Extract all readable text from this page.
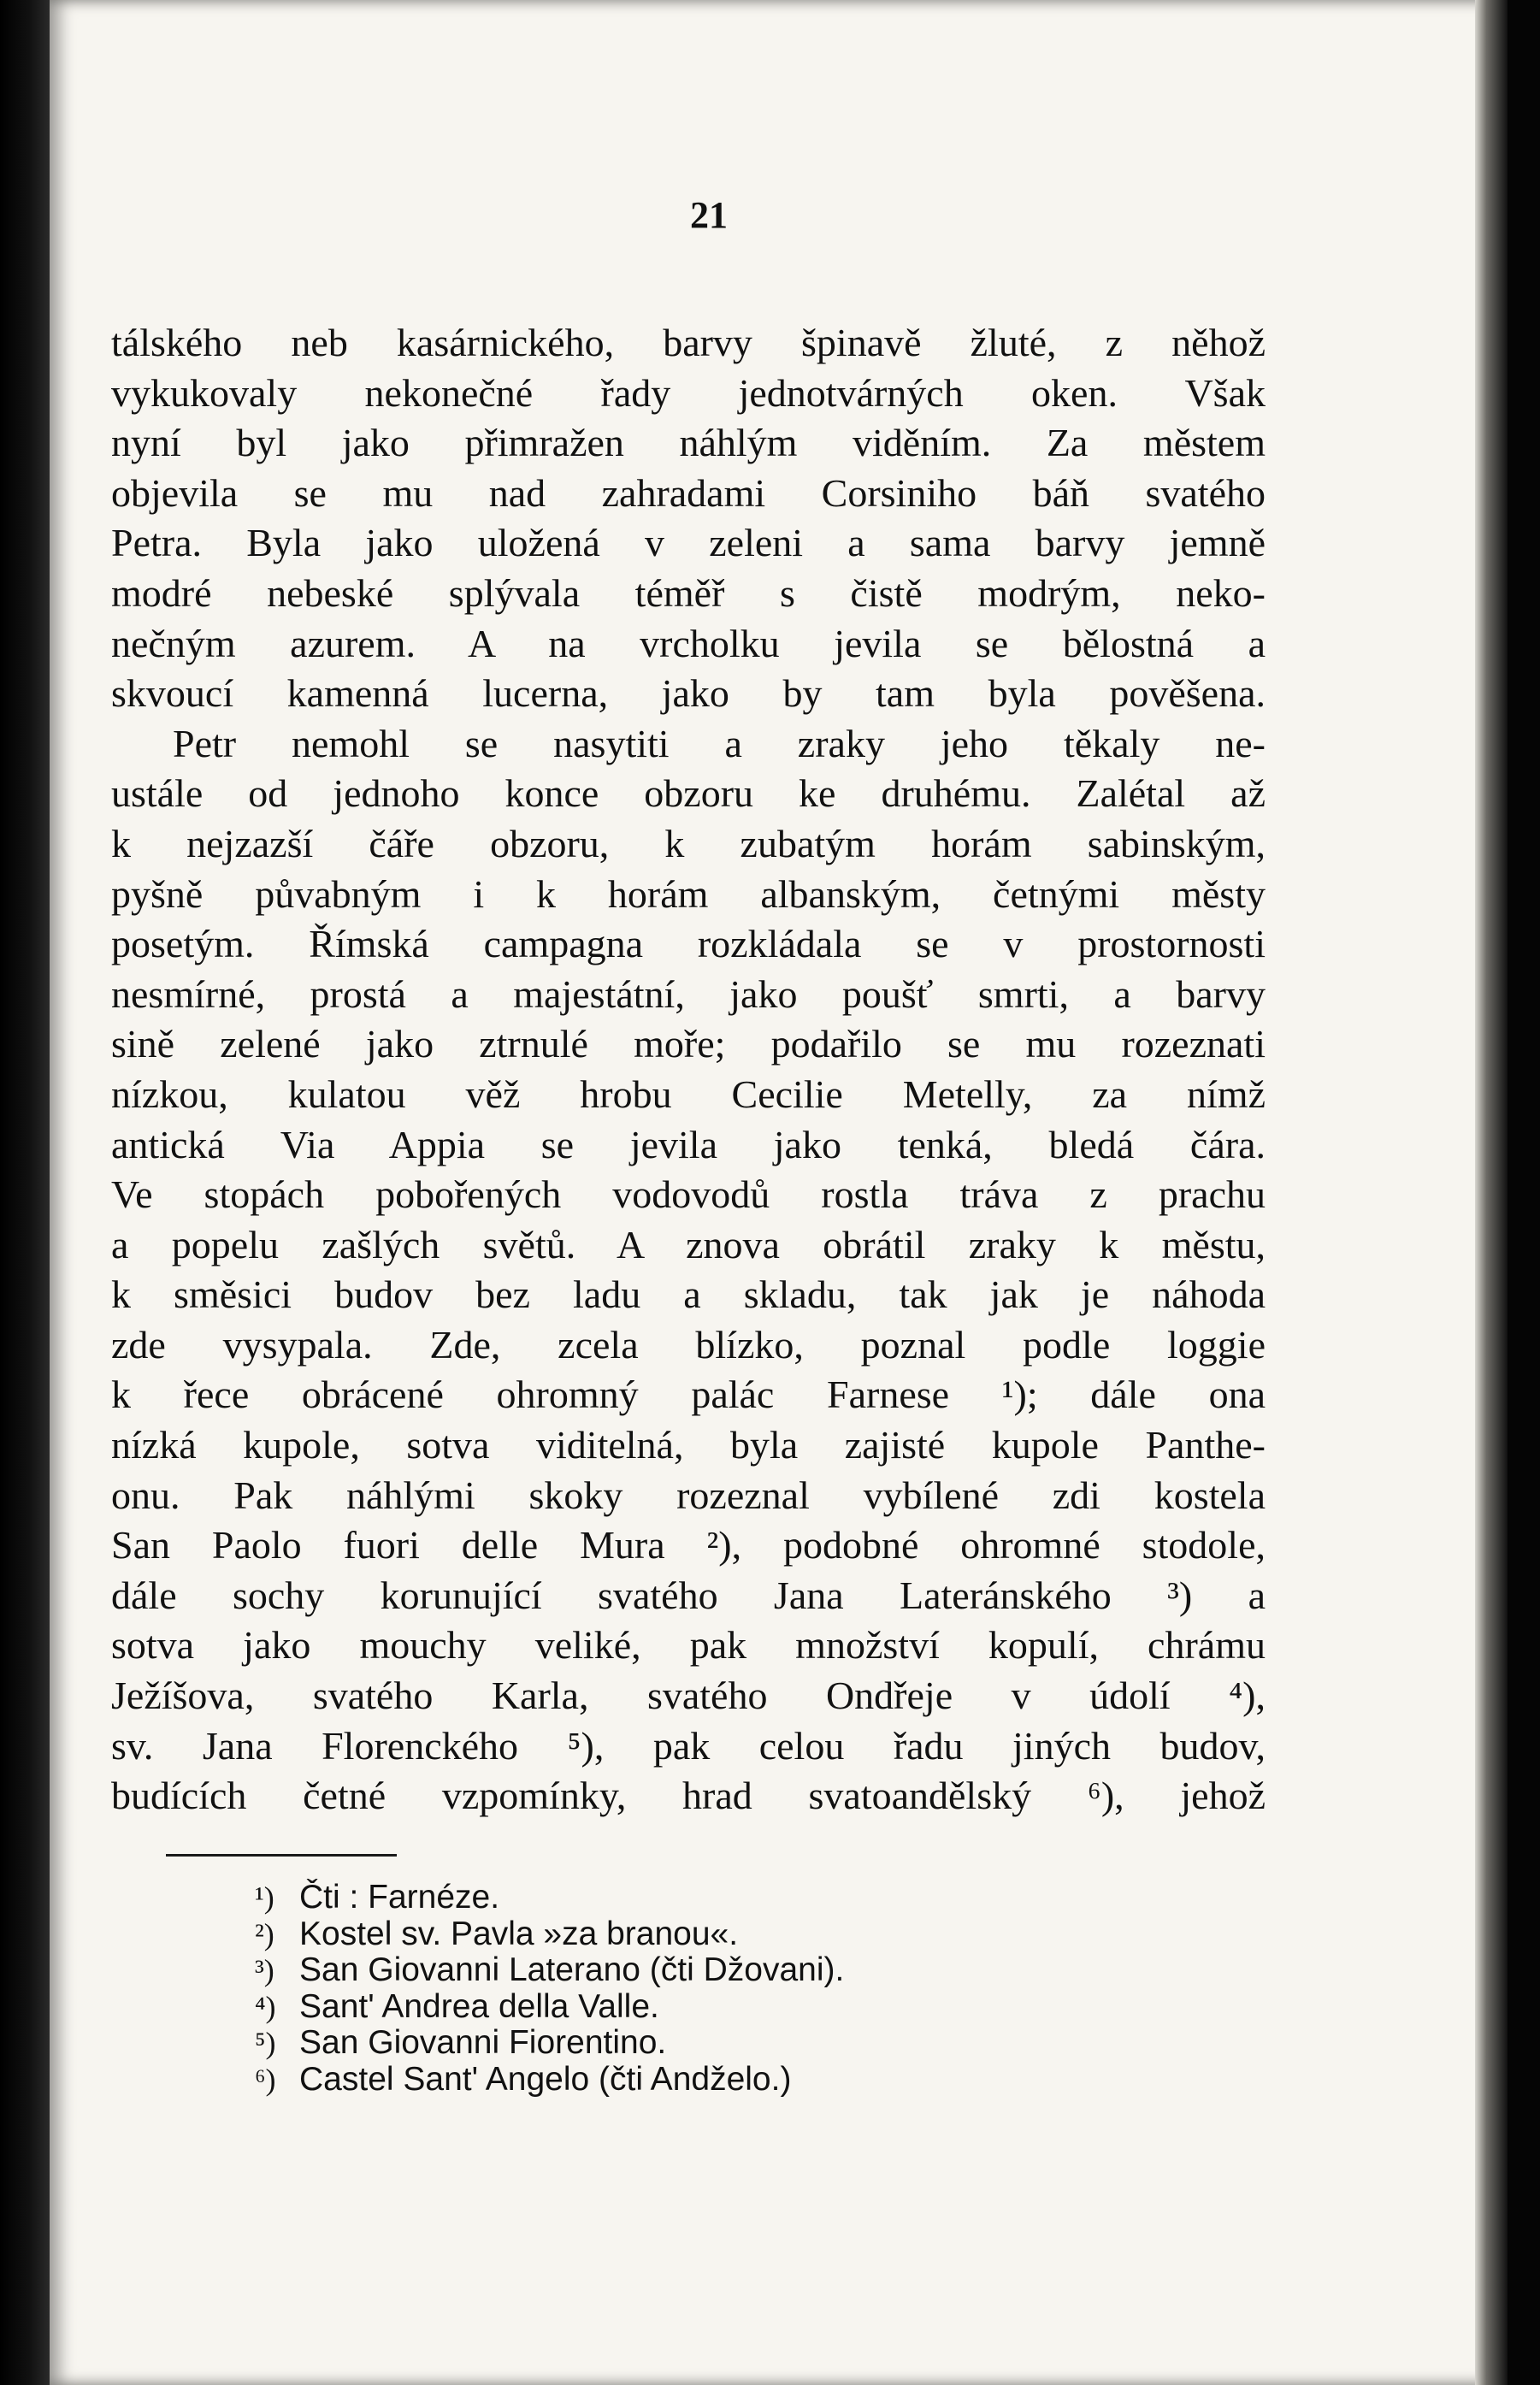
21
tálského neb kasárnického, barvy špinavě žluté, z něhož
vykukovaly nekonečné řady jednotvárných oken. Však
nyní byl jako přimražen náhlým viděním. Za městem
objevila se mu nad zahradami Corsiniho báň svatého
Petra. Byla jako uložená v zeleni a sama barvy jemně
modré nebeské splývala téměř s čistě modrým, neko-
nečným azurem. A na vrcholku jevila se bělostná a
skvoucí kamenná lucerna, jako by tam byla pověšena.
Petr nemohl se nasytiti a zraky jeho těkaly ne-
ustále od jednoho konce obzoru ke druhému. Zalétal až
k nejzazší čáře obzoru, k zubatým horám sabinským,
pyšně půvabným i k horám albanským, četnými městy
posetým. Římská campagna rozkládala se v prostornosti
nesmírné, prostá a majestátní, jako poušť smrti, a barvy
sině zelené jako ztrnulé moře; podařilo se mu rozeznati
nízkou, kulatou věž hrobu Cecilie Metelly, za nímž
antická Via Appia se jevila jako tenká, bledá čára.
Ve stopách pobořených vodovodů rostla tráva z prachu
a popelu zašlých světů. A znova obrátil zraky k městu,
k směsici budov bez ladu a skladu, tak jak je náhoda
zde vysypala. Zde, zcela blízko, poznal podle loggie
k řece obrácené ohromný palác Farnese ¹); dále ona
nízká kupole, sotva viditelná, byla zajisté kupole Panthe-
onu. Pak náhlými skoky rozeznal vybílené zdi kostela
San Paolo fuori delle Mura ²), podobné ohromné stodole,
dále sochy korunující svatého Jana Lateránského ³) a
sotva jako mouchy veliké, pak množství kopulí, chrámu
Ježíšova, svatého Karla, svatého Ondřeje v údolí ⁴),
sv. Jana Florenckého ⁵), pak celou řadu jiných budov,
budících četné vzpomínky, hrad svatoandělský ⁶), jehož
¹) Čti : Farnéze.
²) Kostel sv. Pavla »za branou«.
³) San Giovanni Laterano (čti Džovani).
⁴) Sant' Andrea della Valle.
⁵) San Giovanni Fiorentino.
⁶) Castel Sant' Angelo (čti Andželo.)
